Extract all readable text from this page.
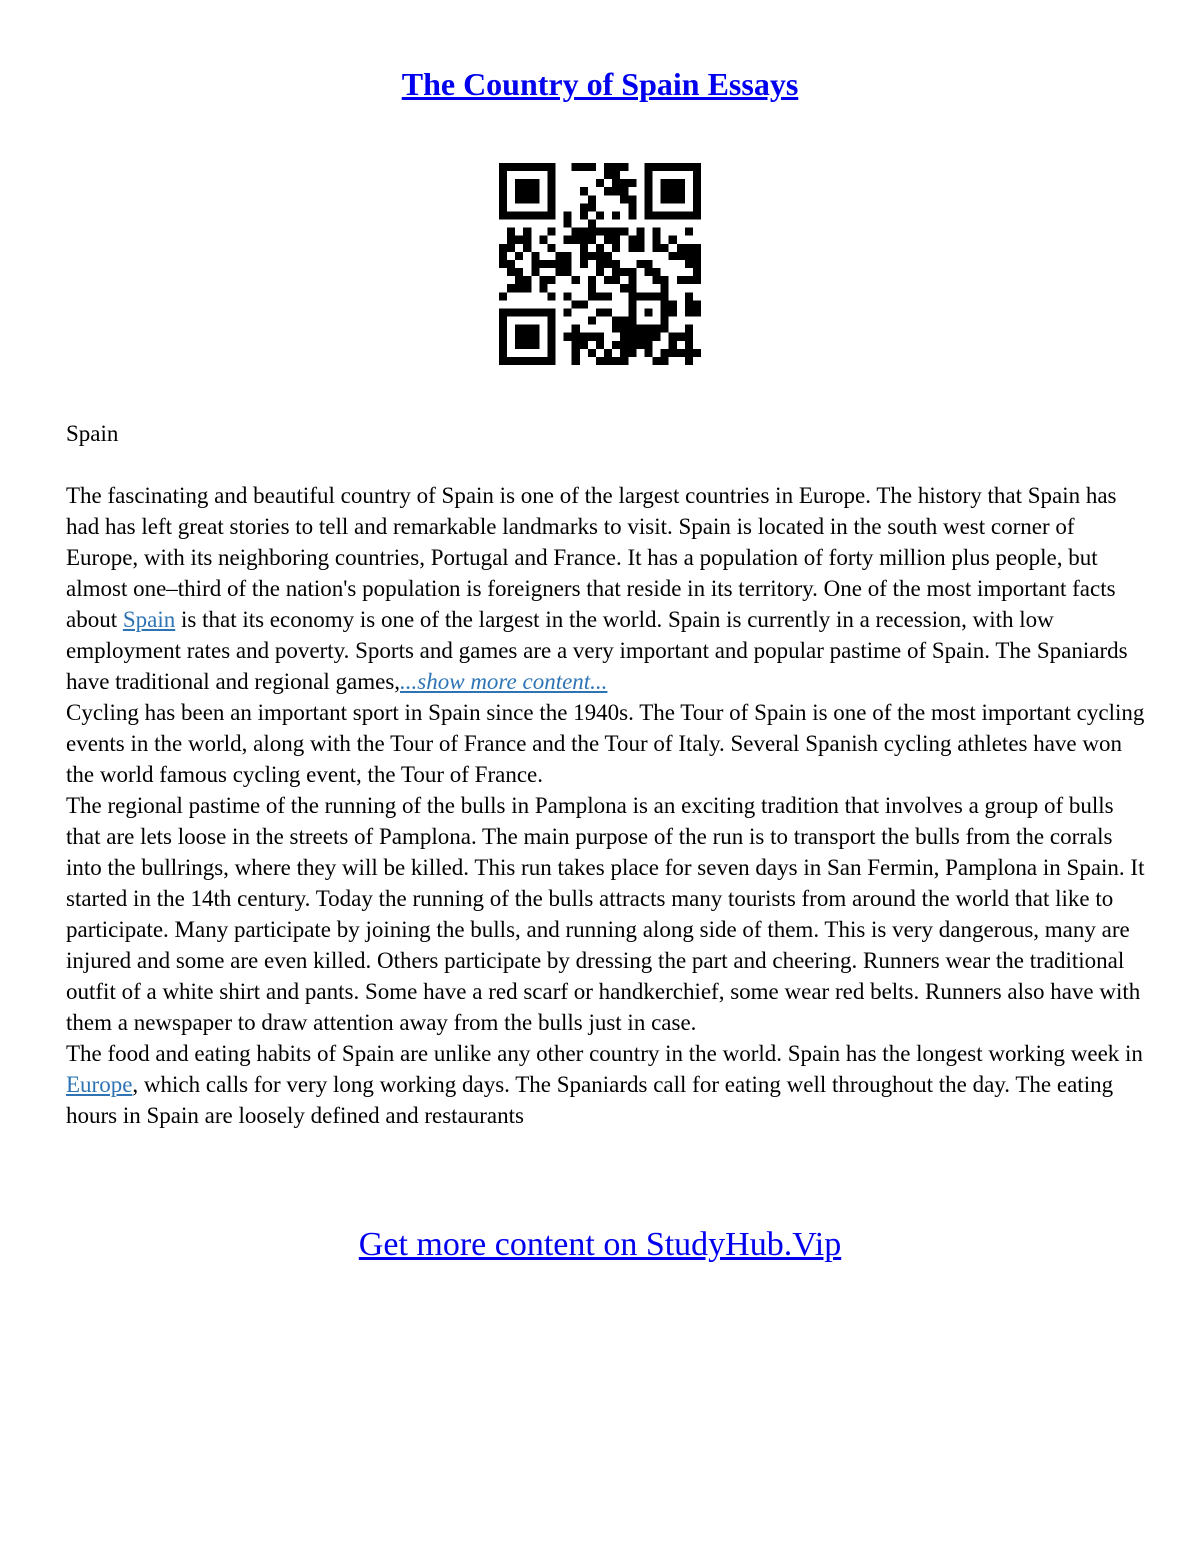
The Country of Spain Essays

Spain

The fascinating and beautiful country of Spain is one of the largest countries in Europe. The history that Spain has had has left great stories to tell and remarkable landmarks to visit. Spain is located in the south west corner of Europe, with its neighboring countries, Portugal and France. It has a population of forty million plus people, but almost one–third of the nation's population is foreigners that reside in its territory. One of the most important facts about Spain is that its economy is one of the largest in the world. Spain is currently in a recession, with low employment rates and poverty. Sports and games are a very important and popular pastime of Spain. The Spaniards have traditional and regional games,...show more content...

Cycling has been an important sport in Spain since the 1940s. The Tour of Spain is one of the most important cycling events in the world, along with the Tour of France and the Tour of Italy. Several Spanish cycling athletes have won the world famous cycling event, the Tour of France.

The regional pastime of the running of the bulls in Pamplona is an exciting tradition that involves a group of bulls that are lets loose in the streets of Pamplona. The main purpose of the run is to transport the bulls from the corrals into the bullrings, where they will be killed. This run takes place for seven days in San Fermin, Pamplona in Spain. It started in the 14th century. Today the running of the bulls attracts many tourists from around the world that like to participate. Many participate by joining the bulls, and running along side of them. This is very dangerous, many are injured and some are even killed. Others participate by dressing the part and cheering. Runners wear the traditional outfit of a white shirt and pants. Some have a red scarf or handkerchief, some wear red belts. Runners also have with them a newspaper to draw attention away from the bulls just in case.

The food and eating habits of Spain are unlike any other country in the world. Spain has the longest working week in Europe, which calls for very long working days. The Spaniards call for eating well throughout the day. The eating hours in Spain are loosely defined and restaurants

Get more content on StudyHub.Vip
